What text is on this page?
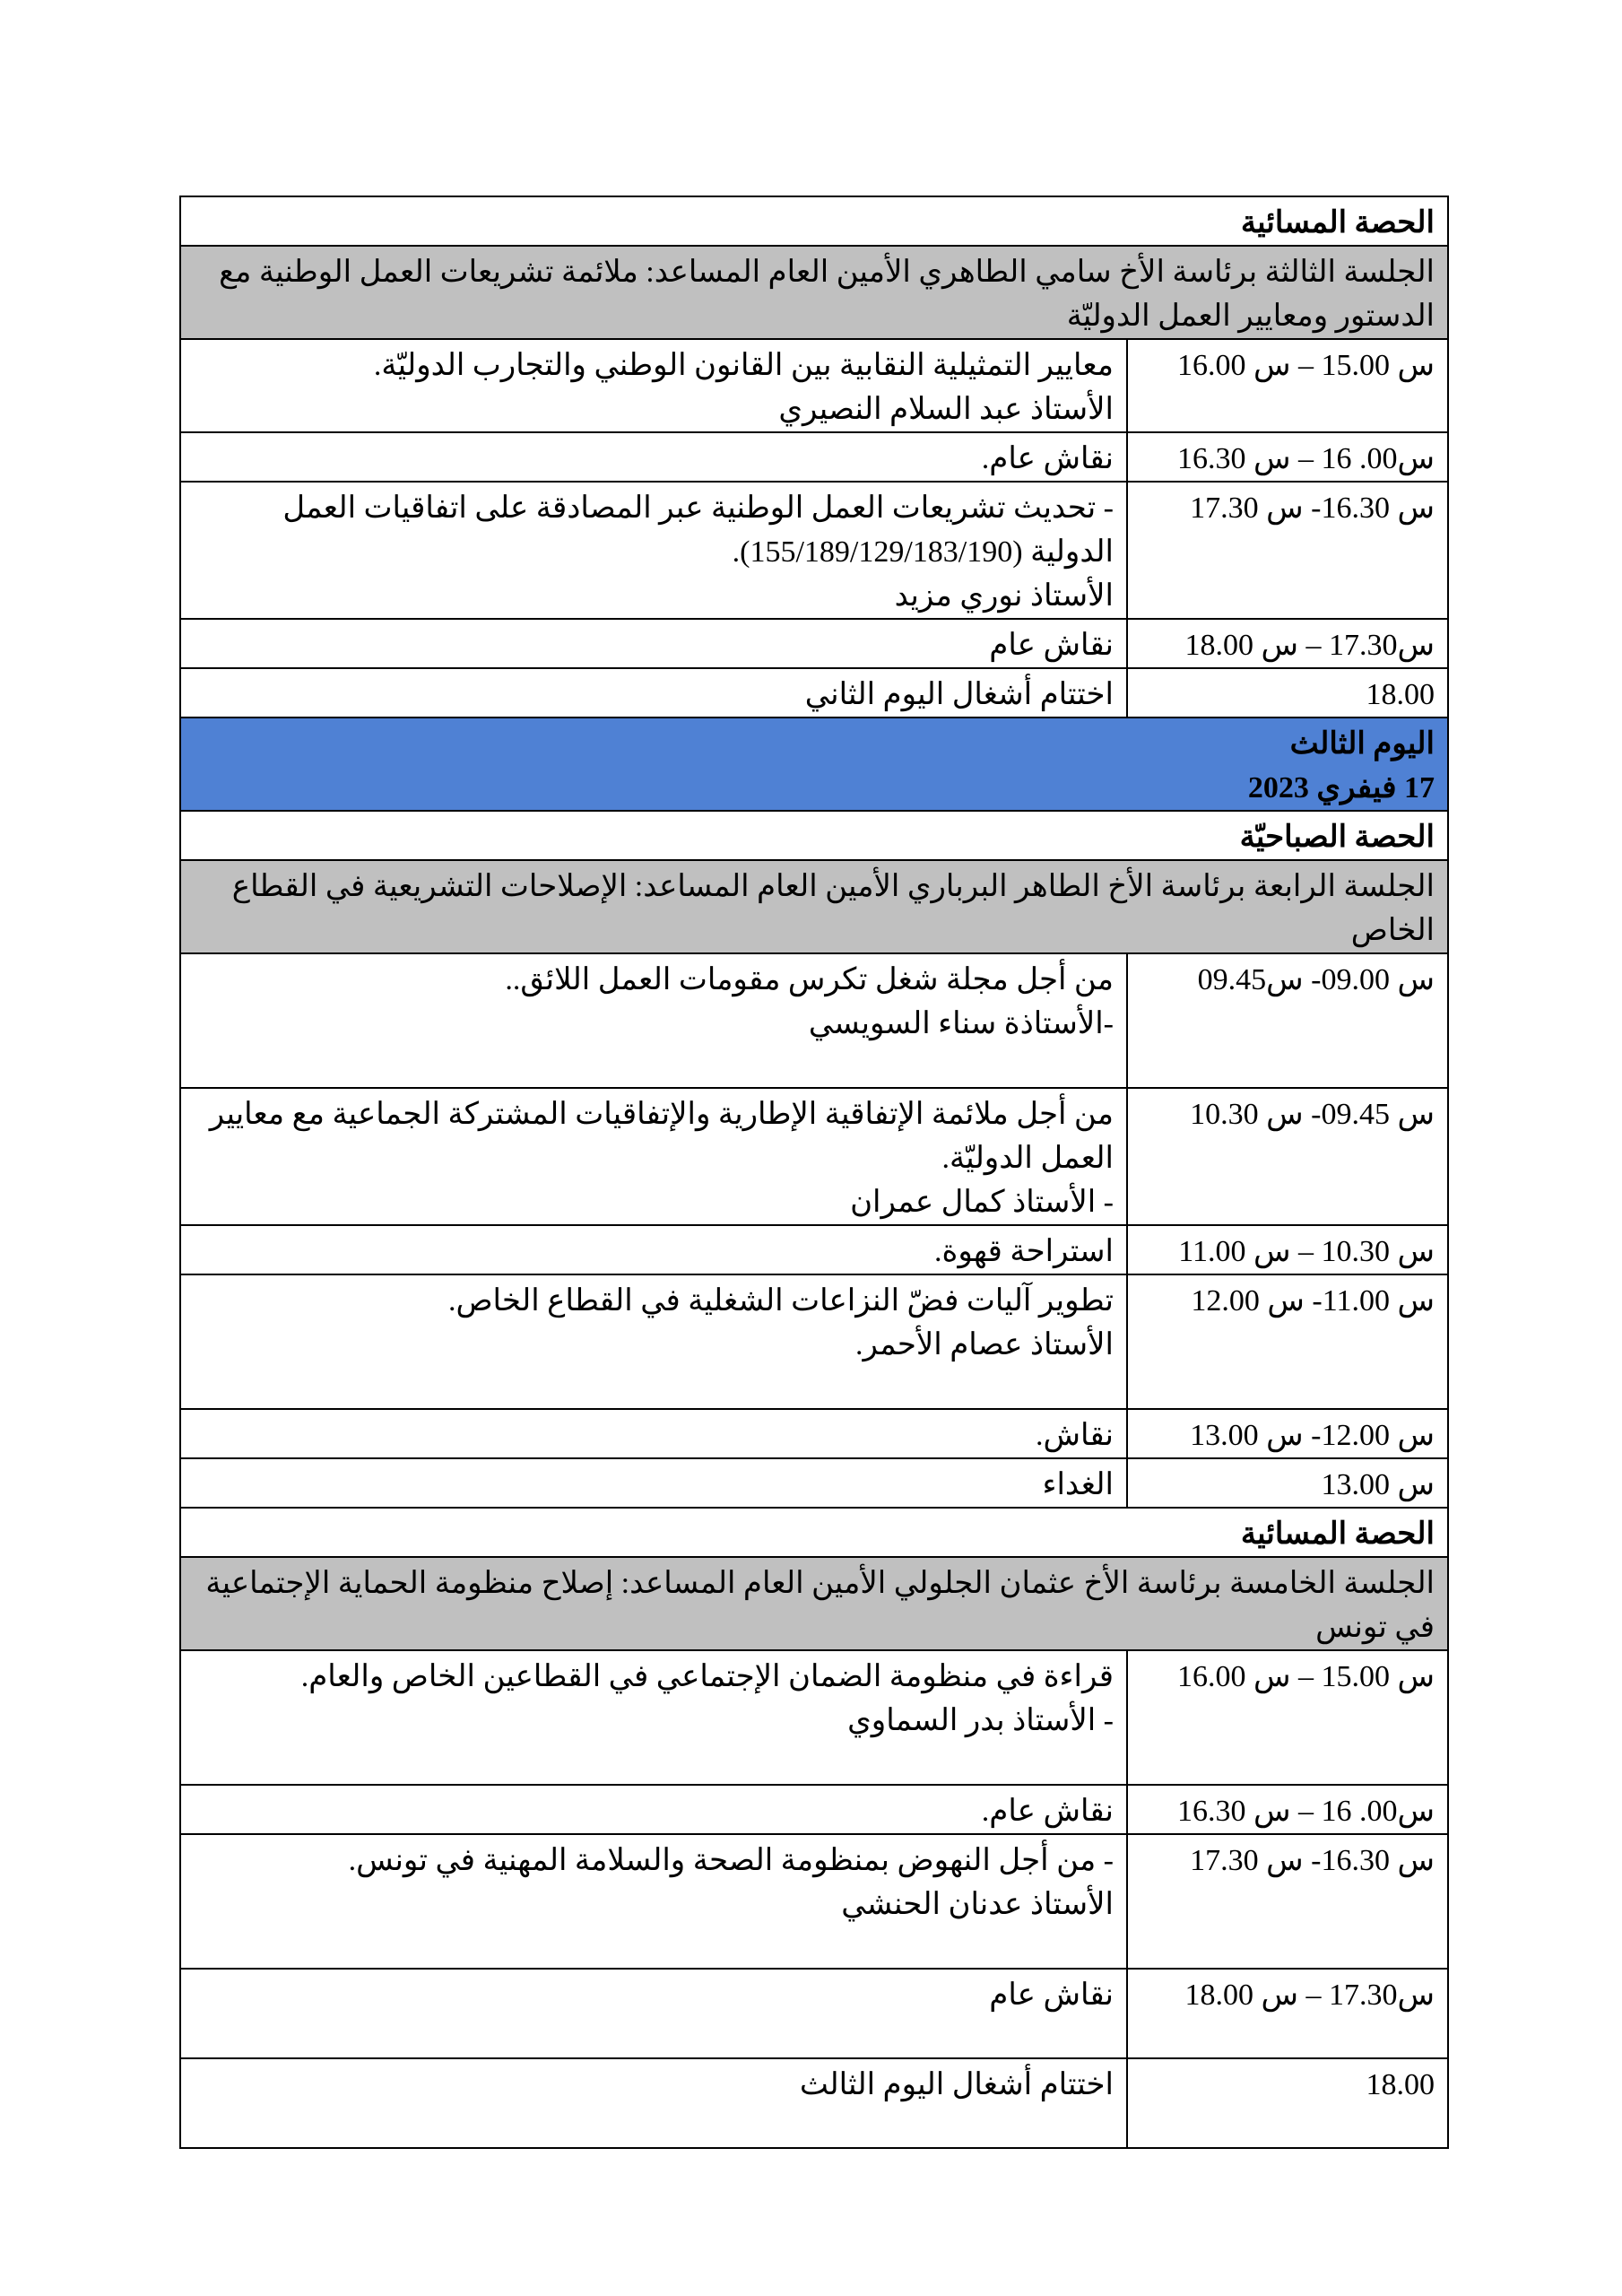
الحصة المسائية	
الجلسة الثالثة برئاسة الأخ سامي الطاهري الأمين العام المساعد: ملائمة تشريعات العمل الوطنية مع الدستور ومعايير العمل الدوليّة	
س 15.00 – س 16.00	معايير التمثيلية النقابية بين القانون الوطني والتجارب الدوليّة.
الأستاذ عبد السلام النصيري

س00. 16 – س 16.30	نقاش عام.

س 16.30- س 17.30	- تحديث تشريعات العمل الوطنية عبر المصادقة على اتفاقيات العمل الدولية (155/189/129/183/190).
الأستاذ نوري مزيد

س17.30 – س 18.00	نقاش عام

18.00	اختتام أشغال اليوم الثاني

اليوم الثالث
17 فيفري 2023	

الحصة الصباحيّة	
الجلسة الرابعة برئاسة الأخ الطاهر البرباري الأمين العام المساعد: الإصلاحات التشريعية في القطاع الخاص	
س 09.00- س09.45	من أجل مجلة شغل تكرس مقومات العمل اللائق..
-الأستاذة سناء السويسي

س 09.45- س 10.30	من أجل ملائمة الإتفاقية الإطارية والإتفاقيات المشتركة الجماعية مع معايير العمل الدوليّة.
- الأستاذ كمال عمران

س 10.30 – س 11.00	استراحة قهوة.

س 11.00- س 12.00	تطوير آليات فضّ النزاعات الشغلية في القطاع الخاص.
الأستاذ عصام الأحمر.

س 12.00- س 13.00	نقاش.

س 13.00	الغداء

الحصة المسائية	
الجلسة الخامسة برئاسة الأخ عثمان الجلولي الأمين العام المساعد: إصلاح منظومة الحماية الإجتماعية في تونس	
س 15.00 – س 16.00	قراءة في منظومة الضمان الإجتماعي في القطاعين الخاص والعام.
- الأستاذ بدر السماوي

س00. 16 – س 16.30	نقاش عام.

س 16.30- س 17.30	- من أجل النهوض بمنظومة الصحة والسلامة المهنية في تونس.
الأستاذ عدنان الحنشي

س17.30 – س 18.00	نقاش عام

18.00	اختتام أشغال اليوم الثالث
